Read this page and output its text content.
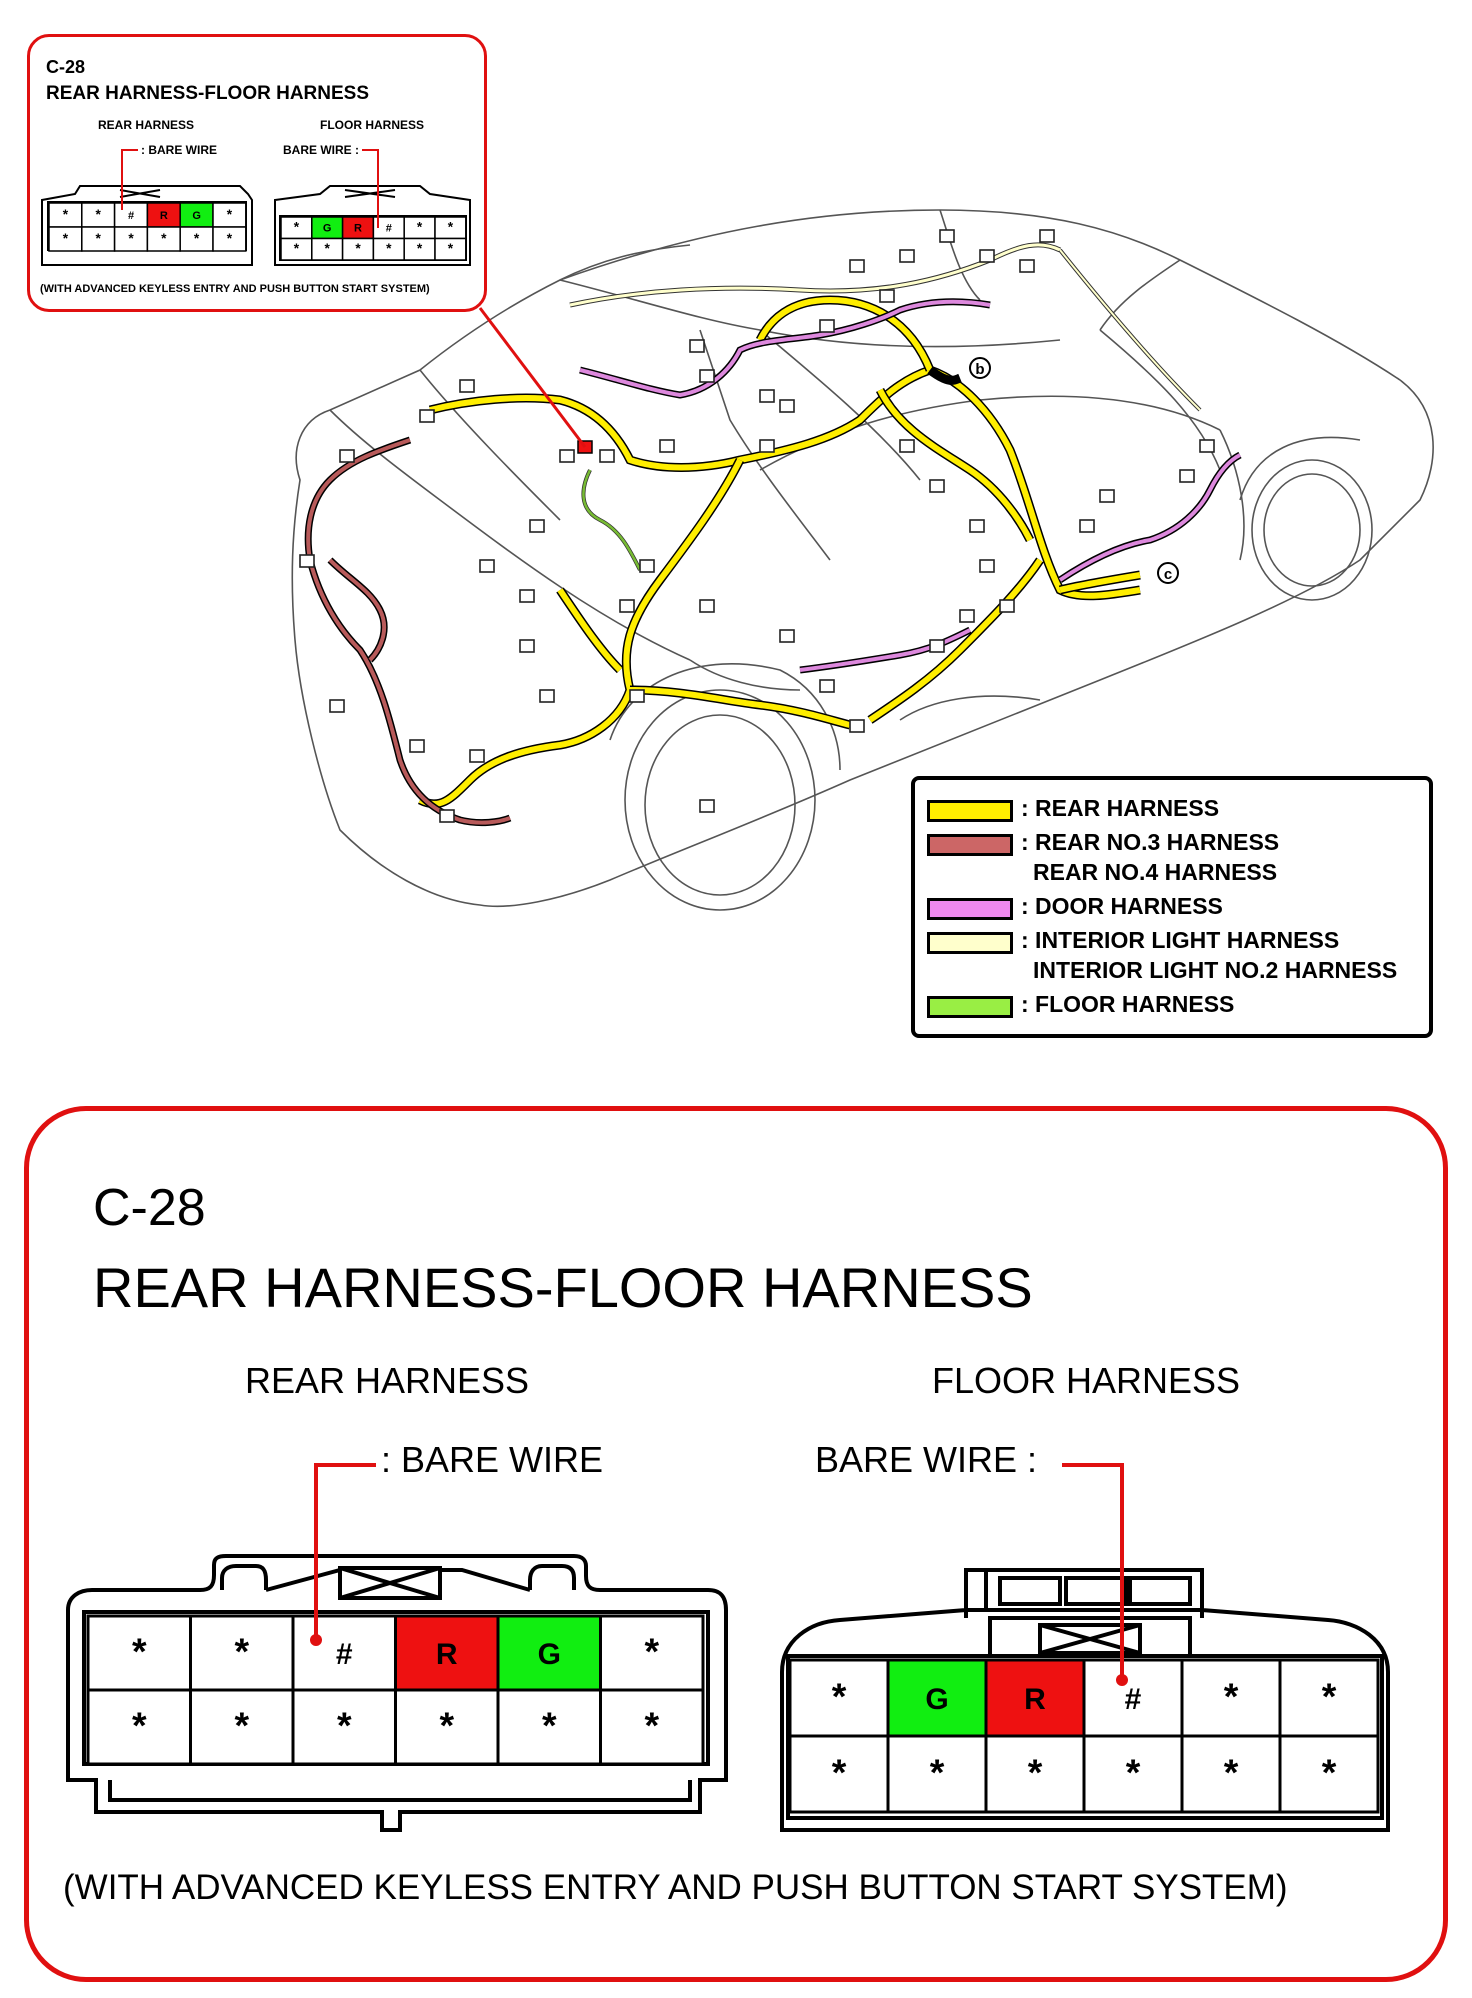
b
c
C-28
REAR HARNESS-FLOOR HARNESS
REAR HARNESS	FLOOR HARNESS
: BARE WIRE	BARE WIRE :
(WITH ADVANCED KEYLESS ENTRY AND PUSH BUTTON START SYSTEM)
* * # R G *
* * * * * *
* G R # * *
* * * * * *
: REAR HARNESS
: REAR NO.3 HARNESS
REAR NO.4 HARNESS
: DOOR HARNESS
: INTERIOR LIGHT HARNESS
INTERIOR LIGHT NO.2 HARNESS
: FLOOR HARNESS
C-28
REAR HARNESS-FLOOR HARNESS
REAR HARNESS	FLOOR HARNESS
: BARE WIRE	BARE WIRE :
(WITH ADVANCED KEYLESS ENTRY AND PUSH BUTTON START SYSTEM)
* *	#	R	G *
* * * * * *
*	G	R	# * *
* * * * * *
